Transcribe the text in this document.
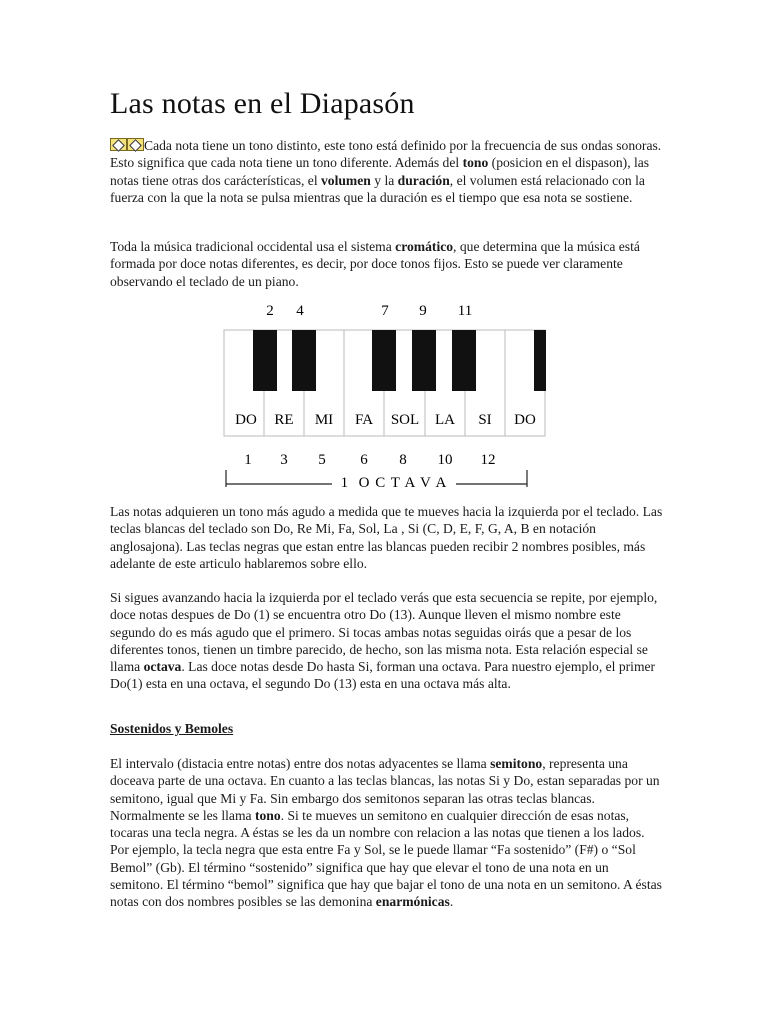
Las notas en el Diapasón

Cada nota tiene un tono distinto, este tono está definido por la frecuencia de sus ondas sonoras. Esto significa que cada nota tiene un tono diferente. Además del tono (posicion en el dispason), las notas tiene otras dos carácterísticas, el volumen y la duración, el volumen está relacionado con la fuerza con la que la nota se pulsa mientras que la duración es el tiempo que esa nota se sostiene.

Toda la música tradicional occidental usa el sistema cromático, que determina que la música está formada por doce notas diferentes, es decir, por doce tonos fijos. Esto se puede ver claramente observando el teclado de un piano.

2 4	7 9 11
DO RE MI FA SOL LA SI DO
1 3 5 6 8 10 12
1  O C T A V A

Las notas adquieren un tono más agudo a medida que te mueves hacia la izquierda por el teclado. Las teclas blancas del teclado son Do, Re Mi, Fa, Sol, La , Si (C, D, E, F, G, A, B en notación anglosajona). Las teclas negras que estan entre las blancas pueden recibir 2 nombres posibles, más adelante de este articulo hablaremos sobre ello.

Si sigues avanzando hacia la izquierda por el teclado verás que esta secuencia se repite, por ejemplo, doce notas despues de Do (1) se encuentra otro Do (13). Aunque lleven el mismo nombre este segundo do es más agudo que el primero. Si tocas ambas notas seguidas oirás que a pesar de los diferentes tonos, tienen un timbre parecido, de hecho, son las misma nota. Esta relación especial se llama octava. Las doce notas desde Do hasta Si, forman una octava. Para nuestro ejemplo, el primer Do(1) esta en una octava, el segundo Do (13) esta en una octava más alta.

Sostenidos y Bemoles

El intervalo (distacia entre notas) entre dos notas adyacentes se llama semitono, representa una doceava parte de una octava. En cuanto a las teclas blancas, las notas Si y Do, estan separadas por un semitono, igual que Mi y Fa. Sin embargo dos semitonos separan las otras teclas blancas. Normalmente se les llama tono. Si te mueves un semitono en cualquier dirección de esas notas, tocaras una tecla negra. A éstas se les da un nombre con relacion a las notas que tienen a los lados. Por ejemplo, la tecla negra que esta entre Fa y Sol, se le puede llamar “Fa sostenido” (F#) o “Sol Bemol” (Gb). El término “sostenido” significa que hay que elevar el tono de una nota en un semitono. El término “bemol” significa que hay que bajar el tono de una nota en un semitono. A éstas notas con dos nombres posibles se las demonina enarmónicas.
